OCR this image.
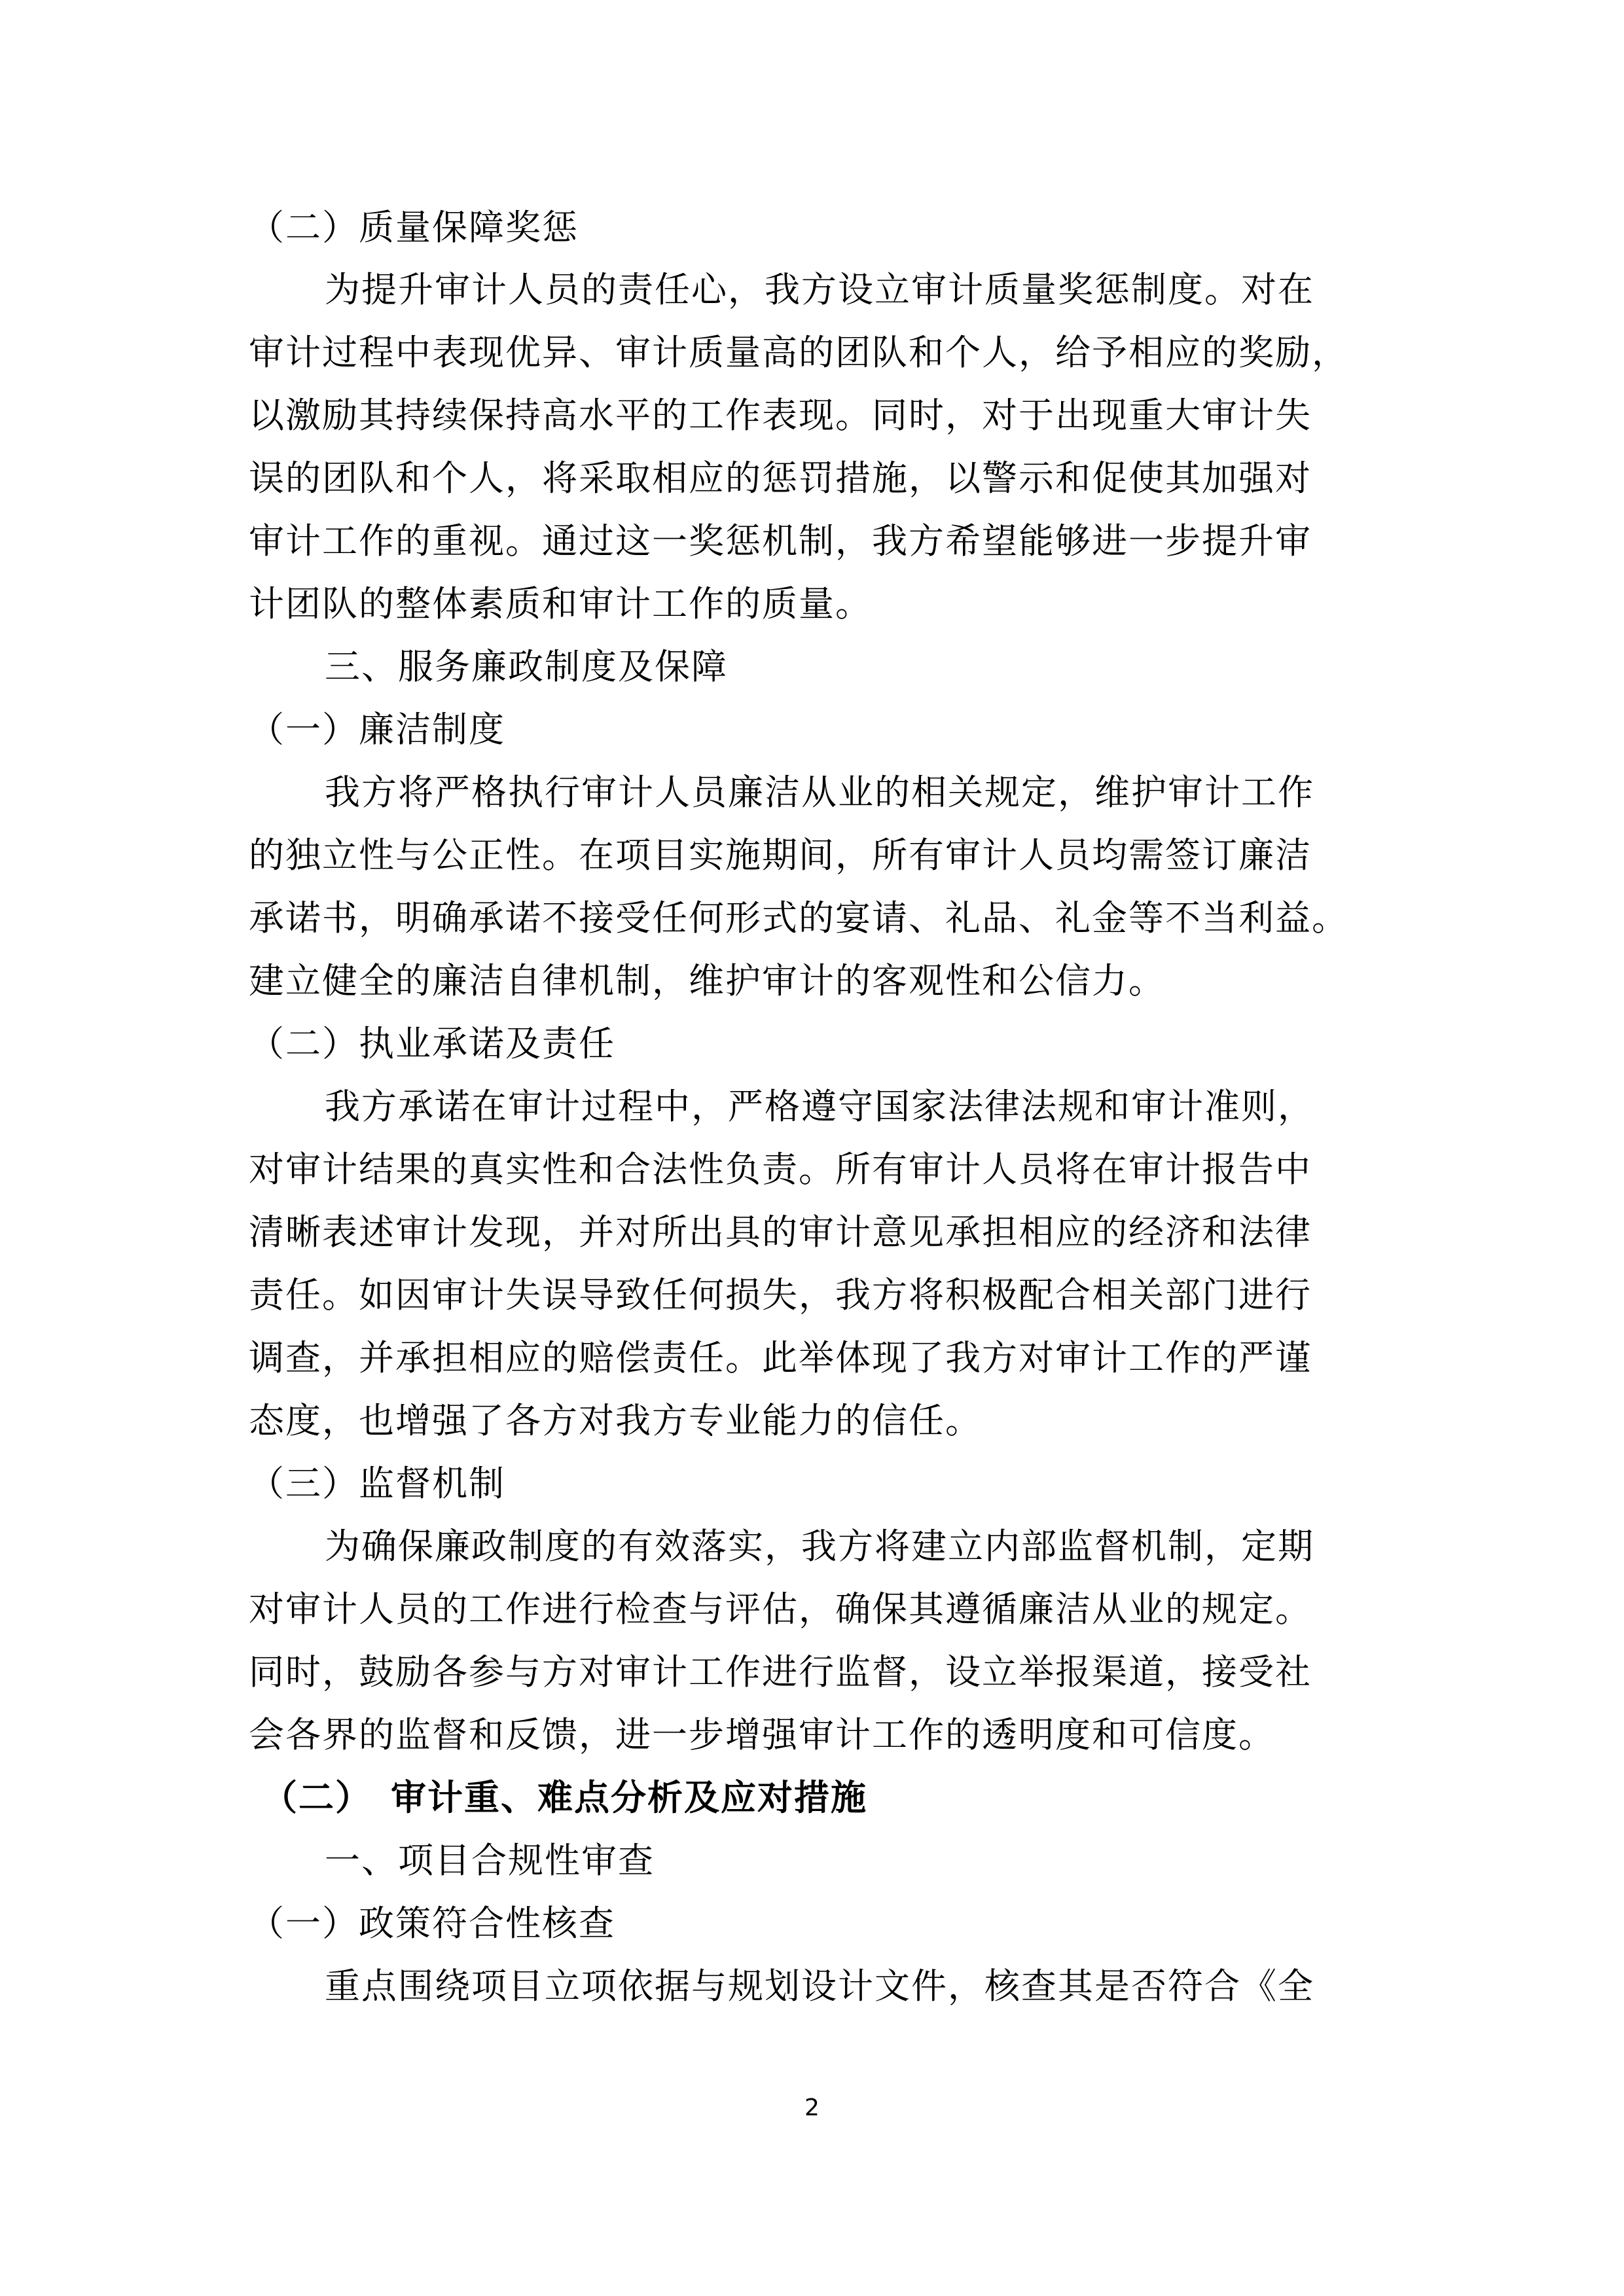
（二）质量保障奖惩
为提升审计人员的责任心，我方设立审计质量奖惩制度。对在
审计过程中表现优异、审计质量高的团队和个人，给予相应的奖励，
以激励其持续保持高水平的工作表现。同时，对于出现重大审计失
误的团队和个人，将采取相应的惩罚措施，以警示和促使其加强对
审计工作的重视。通过这一奖惩机制，我方希望能够进一步提升审
计团队的整体素质和审计工作的质量。
三、服务廉政制度及保障
（一）廉洁制度
我方将严格执行审计人员廉洁从业的相关规定，维护审计工作
的独立性与公正性。在项目实施期间，所有审计人员均需签订廉洁
承诺书，明确承诺不接受任何形式的宴请、礼品、礼金等不当利益。
建立健全的廉洁自律机制，维护审计的客观性和公信力。
（二）执业承诺及责任
我方承诺在审计过程中，严格遵守国家法律法规和审计准则，
对审计结果的真实性和合法性负责。所有审计人员将在审计报告中
清晰表述审计发现，并对所出具的审计意见承担相应的经济和法律
责任。如因审计失误导致任何损失，我方将积极配合相关部门进行
调查，并承担相应的赔偿责任。此举体现了我方对审计工作的严谨
态度，也增强了各方对我方专业能力的信任。
（三）监督机制
为确保廉政制度的有效落实，我方将建立内部监督机制，定期
对审计人员的工作进行检查与评估，确保其遵循廉洁从业的规定。
同时，鼓励各参与方对审计工作进行监督，设立举报渠道，接受社
会各界的监督和反馈，进一步增强审计工作的透明度和可信度。
（二）　审计重、难点分析及应对措施
一、项目合规性审查
（一）政策符合性核查
重点围绕项目立项依据与规划设计文件，核查其是否符合《全
2
